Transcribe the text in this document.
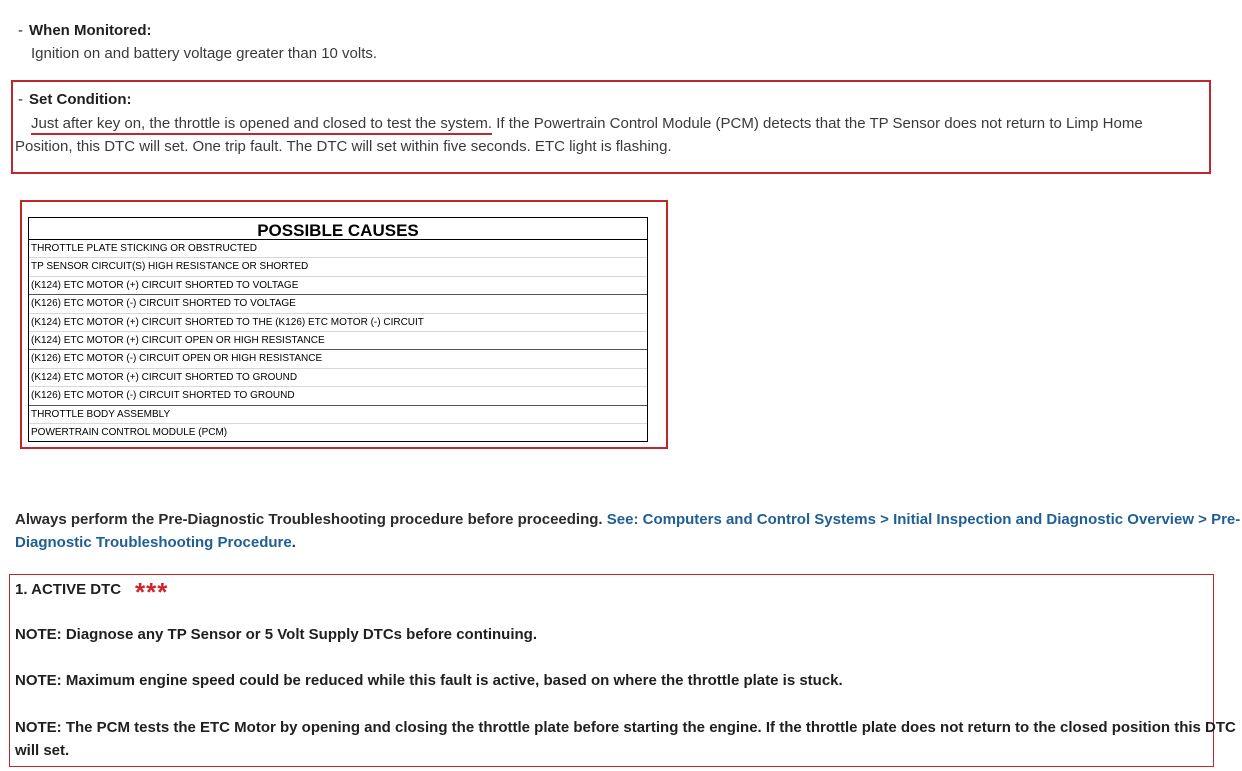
- When Monitored:
Ignition on and battery voltage greater than 10 volts.
- Set Condition:
Just after key on, the throttle is opened and closed to test the system. If the Powertrain Control Module (PCM) detects that the TP Sensor does not return to Limp Home
Position, this DTC will set. One trip fault. The DTC will set within five seconds. ETC light is flashing.
POSSIBLE CAUSES
THROTTLE PLATE STICKING OR OBSTRUCTED
TP SENSOR CIRCUIT(S) HIGH RESISTANCE OR SHORTED
(K124) ETC MOTOR (+) CIRCUIT SHORTED TO VOLTAGE
(K126) ETC MOTOR (-) CIRCUIT SHORTED TO VOLTAGE
(K124) ETC MOTOR (+) CIRCUIT SHORTED TO THE (K126) ETC MOTOR (-) CIRCUIT
(K124) ETC MOTOR (+) CIRCUIT OPEN OR HIGH RESISTANCE
(K126) ETC MOTOR (-) CIRCUIT OPEN OR HIGH RESISTANCE
(K124) ETC MOTOR (+) CIRCUIT SHORTED TO GROUND
(K126) ETC MOTOR (-) CIRCUIT SHORTED TO GROUND
THROTTLE BODY ASSEMBLY
POWERTRAIN CONTROL MODULE (PCM)
Always perform the Pre-Diagnostic Troubleshooting procedure before proceeding. See: Computers and Control Systems > Initial Inspection and Diagnostic Overview > Pre-
Diagnostic Troubleshooting Procedure.
1. ACTIVE DTC ***
NOTE: Diagnose any TP Sensor or 5 Volt Supply DTCs before continuing.
NOTE: Maximum engine speed could be reduced while this fault is active, based on where the throttle plate is stuck.
NOTE: The PCM tests the ETC Motor by opening and closing the throttle plate before starting the engine. If the throttle plate does not return to the closed position this DTC
will set.
